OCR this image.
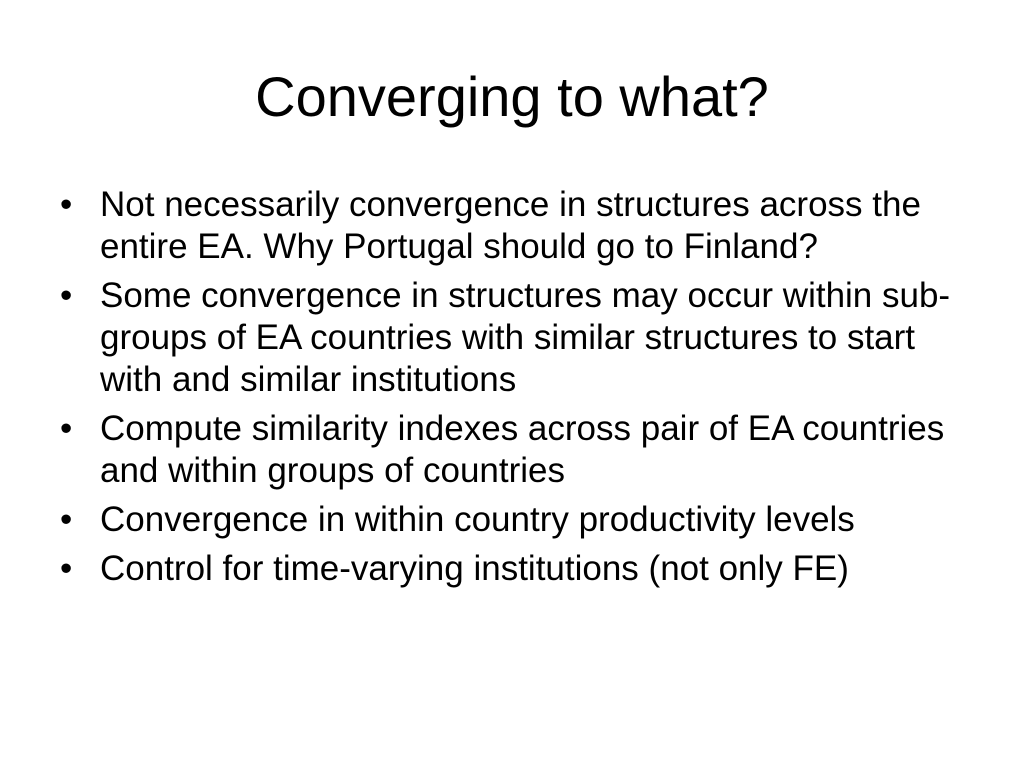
Converging to what?
• Not necessarily convergence in structures across the entire EA. Why Portugal should go to Finland?
• Some convergence in structures may occur within sub-groups of EA countries with similar structures to start with and similar institutions
• Compute similarity indexes across pair of EA countries and within groups of countries
• Convergence in within country productivity levels
• Control for time-varying institutions (not only FE)
